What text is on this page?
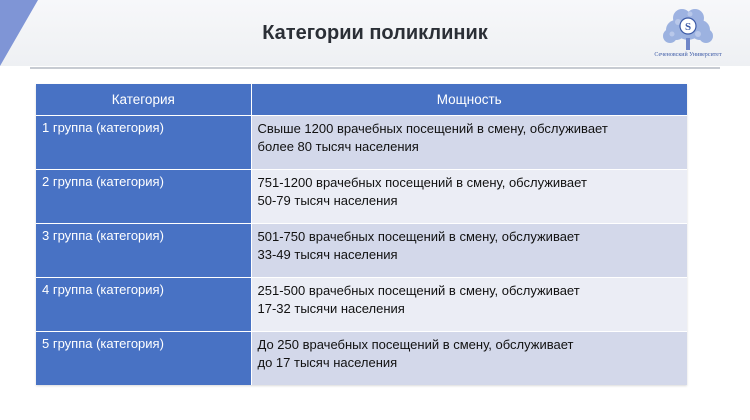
Категории поликлиник	S
Сеченовский Университет
Категория	Мощность
1 группа (категория)	Свыше 1200 врачебных посещений в смену, обслуживает
более 80 тысяч населения

2 группа (категория)	751-1200 врачебных посещений в смену, обслуживает
50-79 тысяч населения

3 группа (категория)	501-750 врачебных посещений в смену, обслуживает
33-49 тысяч населения

4 группа (категория)	251-500 врачебных посещений в смену, обслуживает
17-32 тысячи населения

5 группа (категория)	До 250 врачебных посещений в смену, обслуживает
до 17 тысяч населения
